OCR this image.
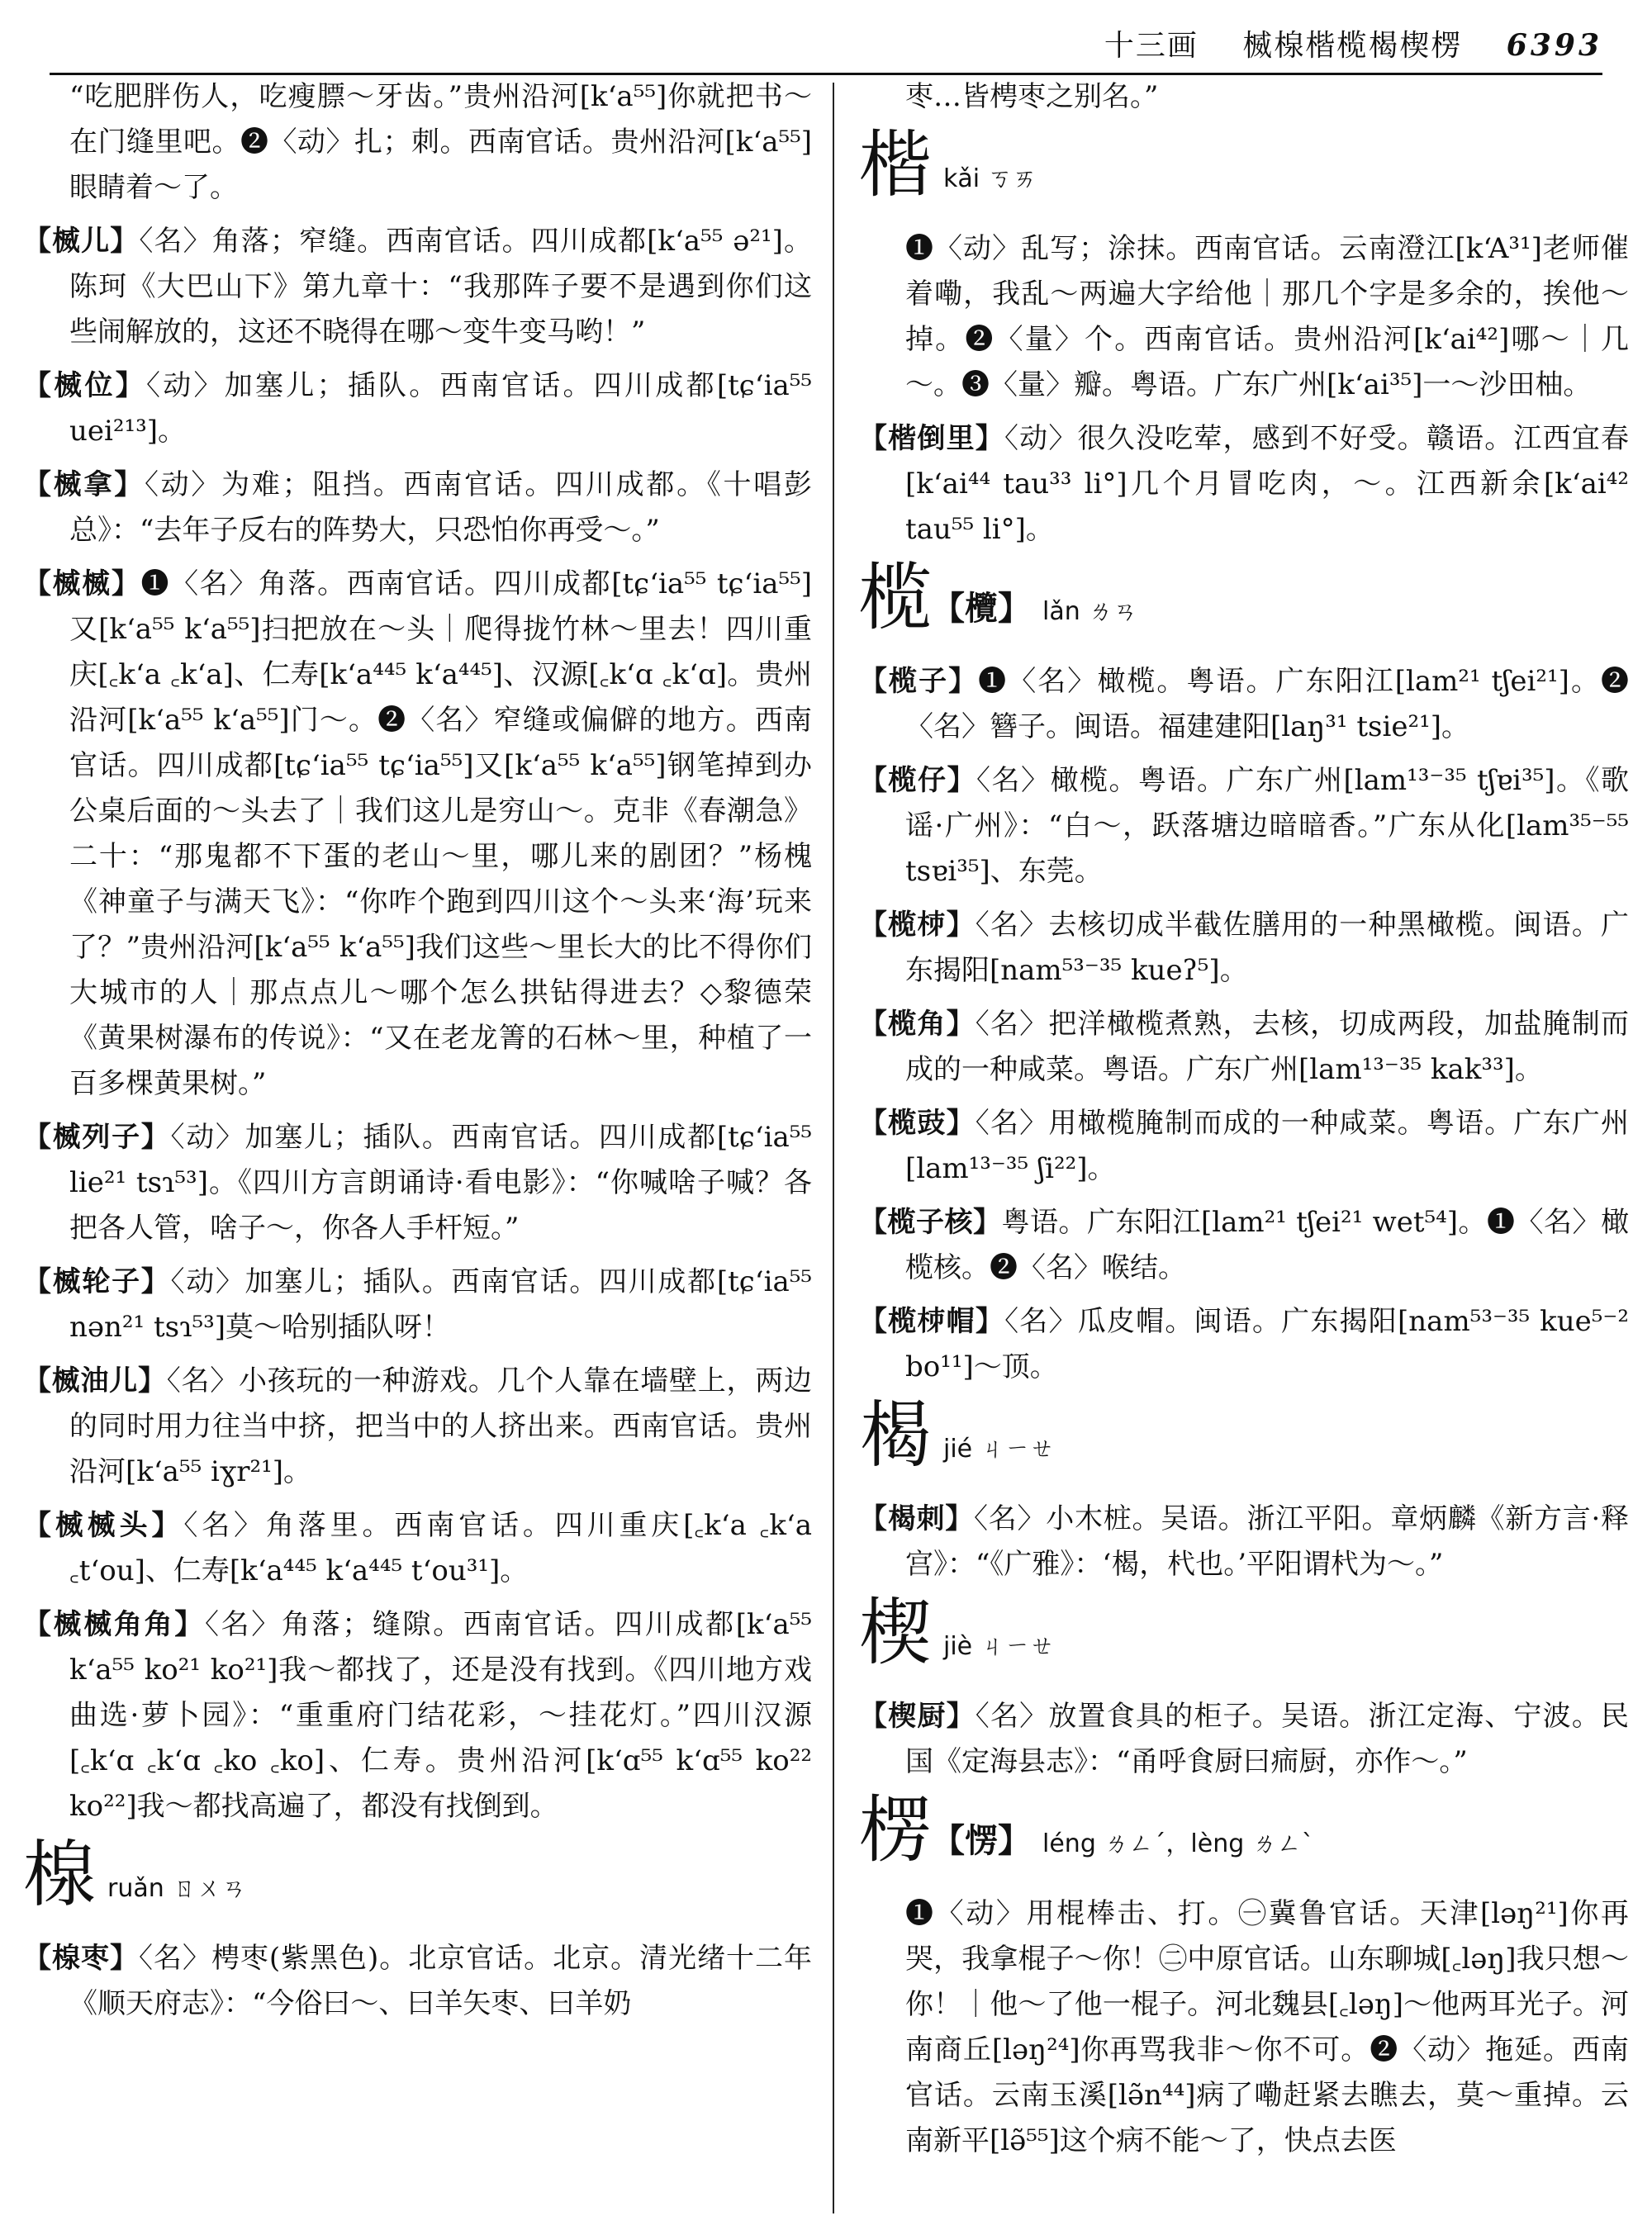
十三画 楲楾楷榄楬楔楞 6393

“吃肥胖伤人，吃瘦膘～牙齿。”贵州沿河[k‘a⁵⁵]你就把书～在门缝里吧。❷〈动〉扎；刺。西南官话。贵州沿河[k‘a⁵⁵]眼睛着～了。

【楲儿】〈名〉角落；窄缝。西南官话。四川成都[k‘a⁵⁵ ə²¹]。陈珂《大巴山下》第九章十：“我那阵子要不是遇到你们这些闹解放的，这还不晓得在哪～变牛变马哟！”

【楲位】〈动〉加塞儿；插队。西南官话。四川成都[tɕ‘ia⁵⁵ uei²¹³]。

【楲拿】〈动〉为难；阻挡。西南官话。四川成都。《十唱彭总》：“去年子反右的阵势大，只恐怕你再受～。”

【楲楲】❶〈名〉角落。西南官话。四川成都[tɕ‘ia⁵⁵ tɕ‘ia⁵⁵]又[k‘a⁵⁵ k‘a⁵⁵]扫把放在～头｜爬得拢竹林～里去！四川重庆[꜀k‘a ꜀k‘a]、仁寿[k‘a⁴⁴⁵ k‘a⁴⁴⁵]、汉源[꜀k‘ɑ ꜀k‘ɑ]。贵州沿河[k‘a⁵⁵ k‘a⁵⁵]门～。❷〈名〉窄缝或偏僻的地方。西南官话。四川成都[tɕ‘ia⁵⁵ tɕ‘ia⁵⁵]又[k‘a⁵⁵ k‘a⁵⁵]钢笔掉到办公桌后面的～头去了｜我们这儿是穷山～。克非《春潮急》二十：“那鬼都不下蛋的老山～里，哪儿来的剧团？”杨槐《神童子与满天飞》：“你咋个跑到四川这个～头来‘海’玩来了？”贵州沿河[k‘a⁵⁵ k‘a⁵⁵]我们这些～里长大的比不得你们大城市的人｜那点点儿～哪个怎么拱钻得进去？◇黎德荣《黄果树瀑布的传说》：“又在老龙箐的石林～里，种植了一百多棵黄果树。”

【楲列子】〈动〉加塞儿；插队。西南官话。四川成都[tɕ‘ia⁵⁵ lie²¹ tsɿ⁵³]。《四川方言朗诵诗·看电影》：“你喊啥子喊？各把各人管，啥子～，你各人手杆短。”

【楲轮子】〈动〉加塞儿；插队。西南官话。四川成都[tɕ‘ia⁵⁵ nən²¹ tsɿ⁵³]莫～哈别插队呀！

【楲油儿】〈名〉小孩玩的一种游戏。几个人靠在墙壁上，两边的同时用力往当中挤，把当中的人挤出来。西南官话。贵州沿河[k‘a⁵⁵ iɣr²¹]。

【楲楲头】〈名〉角落里。西南官话。四川重庆[꜀k‘a ꜀k‘a ꜀t‘ou]、仁寿[k‘a⁴⁴⁵ k‘a⁴⁴⁵ t‘ou³¹]。

【楲楲角角】〈名〉角落；缝隙。西南官话。四川成都[k‘a⁵⁵ k‘a⁵⁵ ko²¹ ko²¹]我～都找了，还是没有找到。《四川地方戏曲选·萝卜园》：“重重府门结花彩，～挂花灯。”四川汉源[꜀k‘ɑ ꜀k‘ɑ ꜀ko ꜀ko]、仁寿。贵州沿河[k‘ɑ⁵⁵ k‘ɑ⁵⁵ ko²² ko²²]我～都找高遍了，都没有找倒到。

楾ruǎn ㄖㄨㄢ

【楾枣】〈名〉梬枣(紫黑色)。北京官话。北京。清光绪十二年《顺天府志》：“今俗曰～、曰羊矢枣、曰羊奶

枣…皆梬枣之别名。”

楷kǎi ㄎㄞ

❶〈动〉乱写；涂抹。西南官话。云南澄江[k‘A³¹]老师催着嘞，我乱～两遍大字给他｜那几个字是多余的，挨他～掉。❷〈量〉个。西南官话。贵州沿河[k‘ai⁴²]哪～｜几～。❸〈量〉瓣。粤语。广东广州[k‘ai³⁵]一～沙田柚。

【楷倒里】〈动〉很久没吃荤，感到不好受。赣语。江西宜春[k‘ai⁴⁴ tau³³ li°]几个月冒吃肉，～。江西新余[k‘ai⁴² tau⁵⁵ li°]。

榄【欖】 lǎn ㄌㄢ

【榄子】❶〈名〉橄榄。粤语。广东阳江[lam²¹ tʃei²¹]。❷〈名〉簪子。闽语。福建建阳[laŋ³¹ tsie²¹]。

【榄仔】〈名〉橄榄。粤语。广东广州[lam¹³⁻³⁵ tʃɐi³⁵]。《歌谣·广州》：“白～，跃落塘边暗暗香。”广东从化[lam³⁵⁻⁵⁵ tsɐi³⁵]、东莞。

【榄𣐈】〈名〉去核切成半截佐膳用的一种黑橄榄。闽语。广东揭阳[nam⁵³⁻³⁵ kueʔ⁵]。

【榄角】〈名〉把洋橄榄煮熟，去核，切成两段，加盐腌制而成的一种咸菜。粤语。广东广州[lam¹³⁻³⁵ kak³³]。

【榄豉】〈名〉用橄榄腌制而成的一种咸菜。粤语。广东广州[lam¹³⁻³⁵ ʃi²²]。

【榄子核】粤语。广东阳江[lam²¹ tʃei²¹ wet⁵⁴]。❶〈名〉橄榄核。❷〈名〉喉结。

【榄𣐈帽】〈名〉瓜皮帽。闽语。广东揭阳[nam⁵³⁻³⁵ kue⁵⁻² bo¹¹]～顶。

楬jié ㄐㄧㄝ

【楬刺】〈名〉小木桩。吴语。浙江平阳。章炳麟《新方言·释宫》：“《广雅》：‘楬，杙也。’平阳谓杙为～。”

楔jiè ㄐㄧㄝ

【楔厨】〈名〉放置食具的柜子。吴语。浙江定海、宁波。民国《定海县志》：“甬呼食厨曰㾍厨，亦作～。”

楞【愣】 léng ㄌㄥˊ，lèng ㄌㄥˋ

❶〈动〉用棍棒击、打。㊀冀鲁官话。天津[ləŋ²¹]你再哭，我拿棍子～你！㊁中原官话。山东聊城[꜀ləŋ]我只想～你！｜他～了他一棍子。河北魏县[꜀ləŋ]～他两耳光子。河南商丘[ləŋ²⁴]你再骂我非～你不可。❷〈动〉拖延。西南官话。云南玉溪[lə̃n⁴⁴]病了嘞赶紧去瞧去，莫～重掉。云南新平[lə̃⁵⁵]这个病不能～了，快点去医
